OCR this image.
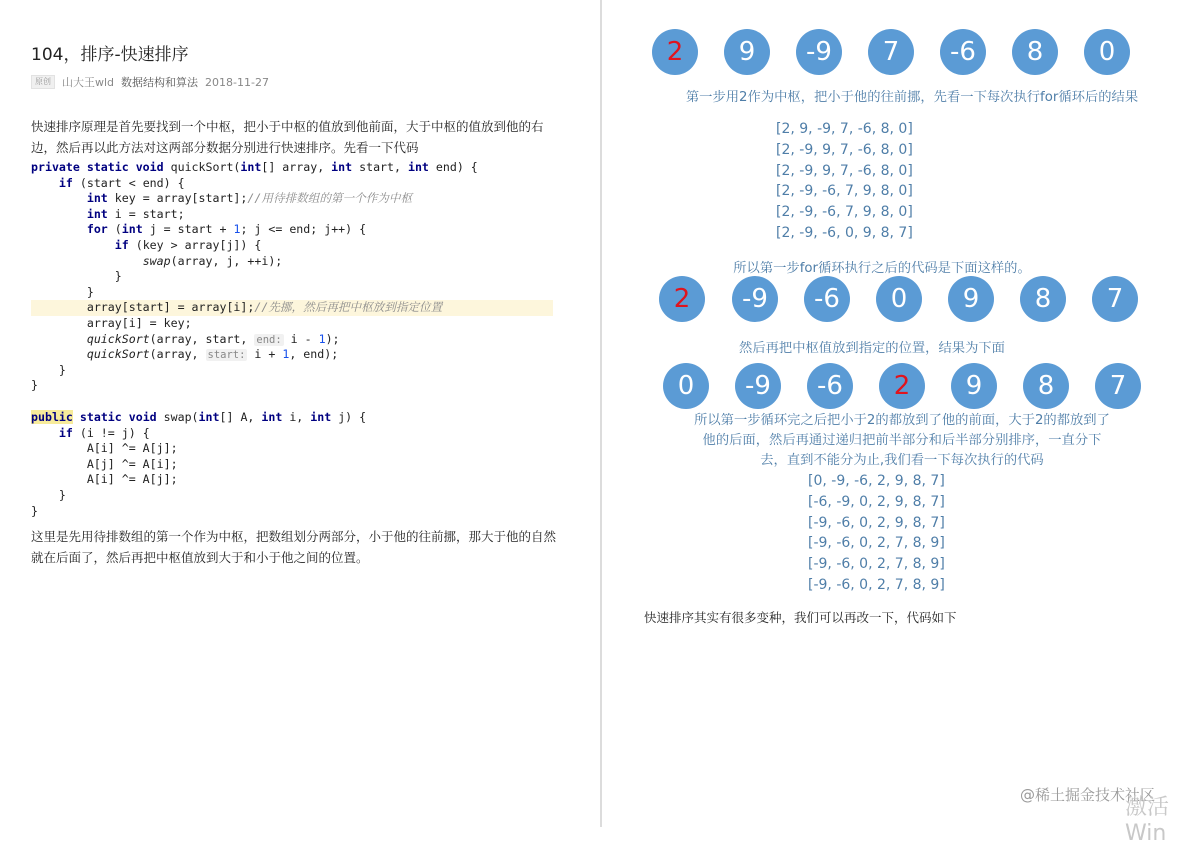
104，排序-快速排序
原创	山大王wld 数据结构和算法 2018-11-27
快速排序原理是首先要找到一个中枢，把小于中枢的值放到他前面，大于中枢的值放到他的右边，然后再以此方法对这两部分数据分别进行快速排序。先看一下代码
private static void quickSort(int[] array, int start, int end) {
if (start < end) {
int key = array[start];//用待排数组的第一个作为中枢
int i = start;
for (int j = start + 1; j <= end; j++) {
if (key > array[j]) {
swap(array, j, ++i);
}
}
array[start] = array[i];//先挪，然后再把中枢放到指定位置
array[i] = key;
quickSort(array, start, end: i - 1);
quickSort(array, start: i + 1, end);
}
}
public static void swap(int[] A, int i, int j) {
if (i != j) {
A[i] ^= A[j];
A[j] ^= A[i];
A[i] ^= A[j];
}
}
这里是先用待排数组的第一个作为中枢，把数组划分两部分，小于他的往前挪，那大于他的自然就在后面了，然后再把中枢值放到大于和小于他之间的位置。
2	9	-9	7	-6	8	0
第一步用2作为中枢，把小于他的往前挪，先看一下每次执行for循环后的结果
[2, 9, -9, 7, -6, 8, 0]
[2, -9, 9, 7, -6, 8, 0]
[2, -9, 9, 7, -6, 8, 0]
[2, -9, -6, 7, 9, 8, 0]
[2, -9, -6, 7, 9, 8, 0]
[2, -9, -6, 0, 9, 8, 7]
所以第一步for循环执行之后的代码是下面这样的。
2	-9	-6	0	9	8	7
然后再把中枢值放到指定的位置，结果为下面
0	-9	-6	2	9	8	7
所以第一步循环完之后把小于2的都放到了他的前面，大于2的都放到了
他的后面，然后再通过递归把前半部分和后半部分别排序，一直分下
去，直到不能分为止,我们看一下每次执行的代码
[0, -9, -6, 2, 9, 8, 7]
[-6, -9, 0, 2, 9, 8, 7]
[-9, -6, 0, 2, 9, 8, 7]
[-9, -6, 0, 2, 7, 8, 9]
[-9, -6, 0, 2, 7, 8, 9]
[-9, -6, 0, 2, 7, 8, 9]
快速排序其实有很多变种，我们可以再改一下，代码如下
@稀土掘金技术社区
激活 Win
